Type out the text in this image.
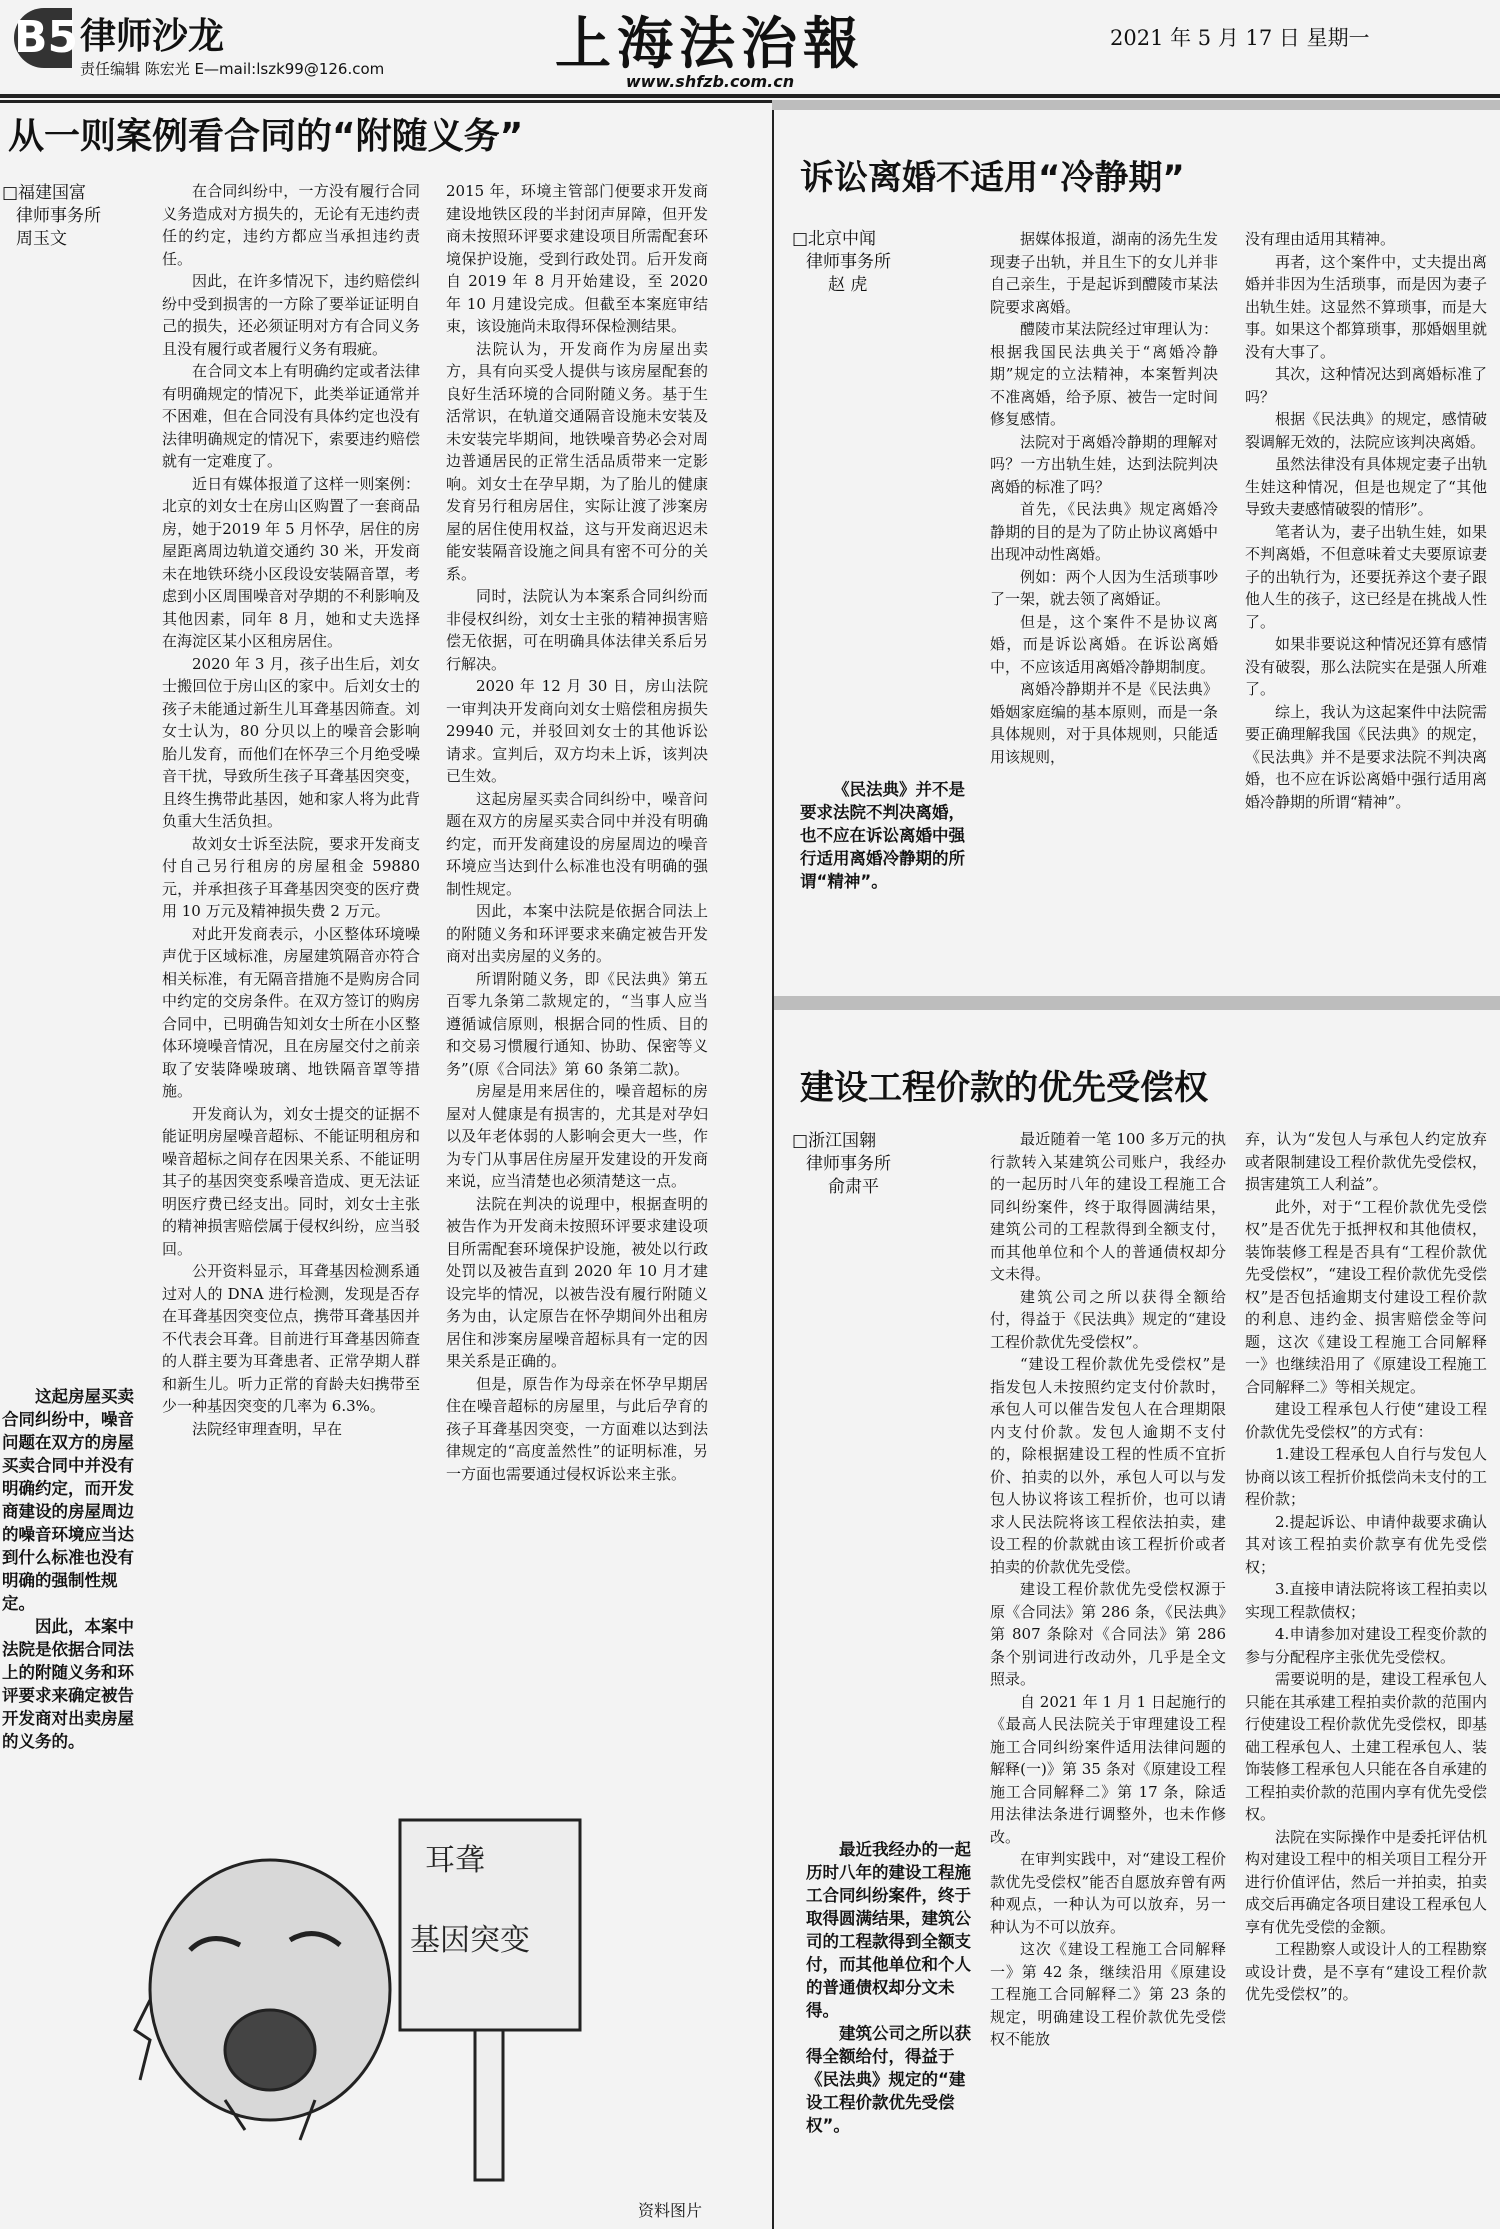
B5 律师沙龙
责任编辑 陈宏光 E—mail:lszk99@126.com	上海法治報
www.shfzb.com.cn
2021 年 5 月 17 日 星期一
从一则案例看合同的“附随义务”
□福建国富
律师事务所
周玉文

这起房屋买卖合同纠纷中，噪音问题在双方的房屋买卖合同中并没有明确约定，而开发商建设的房屋周边的噪音环境应当达到什么标准也没有明确的强制性规定。

因此，本案中法院是依据合同法上的附随义务和环评要求来确定被告开发商对出卖房屋的义务的。

在合同纠纷中，一方没有履行合同义务造成对方损失的，无论有无违约责任的约定，违约方都应当承担违约责任。

因此，在许多情况下，违约赔偿纠纷中受到损害的一方除了要举证证明自己的损失，还必须证明对方有合同义务且没有履行或者履行义务有瑕疵。

在合同文本上有明确约定或者法律有明确规定的情况下，此类举证通常并不困难，但在合同没有具体约定也没有法律明确规定的情况下，索要违约赔偿就有一定难度了。

近日有媒体报道了这样一则案例：北京的刘女士在房山区购置了一套商品房，她于2019 年 5 月怀孕，居住的房屋距离周边轨道交通约 30 米，开发商未在地铁环绕小区段设安装隔音罩，考虑到小区周围噪音对孕期的不利影响及其他因素，同年 8 月，她和丈夫选择在海淀区某小区租房居住。

2020 年 3 月，孩子出生后，刘女士搬回位于房山区的家中。后刘女士的孩子未能通过新生儿耳聋基因筛查。刘女士认为，80 分贝以上的噪音会影响胎儿发育，而他们在怀孕三个月绝受噪音干扰，导致所生孩子耳聋基因突变，且终生携带此基因，她和家人将为此背负重大生活负担。

故刘女士诉至法院，要求开发商支付自己另行租房的房屋租金 59880 元，并承担孩子耳聋基因突变的医疗费用 10 万元及精神损失费 2 万元。

对此开发商表示，小区整体环境噪声优于区域标准，房屋建筑隔音亦符合相关标准，有无隔音措施不是购房合同中约定的交房条件。在双方签订的购房合同中，已明确告知刘女士所在小区整体环境噪音情况，且在房屋交付之前亲取了安装降噪玻璃、地铁隔音罩等措施。

开发商认为，刘女士提交的证据不能证明房屋噪音超标、不能证明租房和噪音超标之间存在因果关系、不能证明其子的基因突变系噪音造成、更无法证明医疗费已经支出。同时，刘女士主张的精神损害赔偿属于侵权纠纷，应当驳回。

公开资料显示，耳聋基因检测系通过对人的 DNA 进行检测，发现是否存在耳聋基因突变位点，携带耳聋基因并不代表会耳聋。目前进行耳聋基因筛查的人群主要为耳聋患者、正常孕期人群和新生儿。听力正常的育龄夫妇携带至少一种基因突变的几率为 6.3%。

法院经审理查明，早在

2015 年，环境主管部门便要求开发商建设地铁区段的半封闭声屏障，但开发商未按照环评要求建设项目所需配套环境保护设施，受到行政处罚。后开发商自 2019 年 8 月开始建设，至 2020 年 10 月建设完成。但截至本案庭审结束，该设施尚未取得环保检测结果。

法院认为，开发商作为房屋出卖方，具有向买受人提供与该房屋配套的良好生活环境的合同附随义务。基于生活常识，在轨道交通隔音设施未安装及未安装完毕期间，地铁噪音势必会对周边普通居民的正常生活品质带来一定影响。刘女士在孕早期，为了胎儿的健康发育另行租房居住，实际让渡了涉案房屋的居住使用权益，这与开发商迟迟未能安装隔音设施之间具有密不可分的关系。

同时，法院认为本案系合同纠纷而非侵权纠纷，刘女士主张的精神损害赔偿无依据，可在明确具体法律关系后另行解决。

2020 年 12 月 30 日，房山法院一审判决开发商向刘女士赔偿租房损失 29940 元，并驳回刘女士的其他诉讼请求。宣判后，双方均未上诉，该判决已生效。

这起房屋买卖合同纠纷中，噪音问题在双方的房屋买卖合同中并没有明确约定，而开发商建设的房屋周边的噪音环境应当达到什么标准也没有明确的强制性规定。

因此，本案中法院是依据合同法上的附随义务和环评要求来确定被告开发商对出卖房屋的义务的。

所谓附随义务，即《民法典》第五百零九条第二款规定的，“当事人应当遵循诚信原则，根据合同的性质、目的和交易习惯履行通知、协助、保密等义务”(原《合同法》第 60 条第二款)。

房屋是用来居住的，噪音超标的房屋对人健康是有损害的，尤其是对孕妇以及年老体弱的人影响会更大一些，作为专门从事居住房屋开发建设的开发商来说，应当清楚也必须清楚这一点。

法院在判决的说理中，根据查明的被告作为开发商未按照环评要求建设项目所需配套环境保护设施，被处以行政处罚以及被告直到 2020 年 10 月才建设完毕的情况，以被告没有履行附随义务为由，认定原告在怀孕期间外出租房居住和涉案房屋噪音超标具有一定的因果关系是正确的。

但是，原告作为母亲在怀孕早期居住在噪音超标的房屋里，与此后孕育的孩子耳聋基因突变，一方面难以达到法律规定的“高度盖然性”的证明标准，另一方面也需要通过侵权诉讼来主张。

耳聋
基因突变
资料图片
诉讼离婚不适用“冷静期”
□北京中闻
律师事务所
赵 虎
《民法典》并不是要求法院不判决离婚，也不应在诉讼离婚中强行适用离婚冷静期的所谓“精神”。

据媒体报道，湖南的汤先生发现妻子出轨，并且生下的女儿并非自己亲生，于是起诉到醴陵市某法院要求离婚。

醴陵市某法院经过审理认为：根据我国民法典关于“离婚冷静期”规定的立法精神，本案暂判决不准离婚，给予原、被告一定时间修复感情。

法院对于离婚冷静期的理解对吗？一方出轨生娃，达到法院判决离婚的标准了吗？

首先，《民法典》规定离婚冷静期的目的是为了防止协议离婚中出现冲动性离婚。

例如：两个人因为生活琐事吵了一架，就去领了离婚证。

但是，这个案件不是协议离婚，而是诉讼离婚。在诉讼离婚中，不应该适用离婚冷静期制度。

离婚冷静期并不是《民法典》婚姻家庭编的基本原则，而是一条具体规则，对于具体规则，只能适用该规则，

没有理由适用其精神。

再者，这个案件中，丈夫提出离婚并非因为生活琐事，而是因为妻子出轨生娃。这显然不算琐事，而是大事。如果这个都算琐事，那婚姻里就没有大事了。

其次，这种情况达到离婚标准了吗？

根据《民法典》的规定，感情破裂调解无效的，法院应该判决离婚。

虽然法律没有具体规定妻子出轨生娃这种情况，但是也规定了“其他导致夫妻感情破裂的情形”。

笔者认为，妻子出轨生娃，如果不判离婚，不但意味着丈夫要原谅妻子的出轨行为，还要抚养这个妻子跟他人生的孩子，这已经是在挑战人性了。

如果非要说这种情况还算有感情没有破裂，那么法院实在是强人所难了。

综上，我认为这起案件中法院需要正确理解我国《民法典》的规定，《民法典》并不是要求法院不判决离婚，也不应在诉讼离婚中强行适用离婚冷静期的所谓“精神”。

建设工程价款的优先受偿权
□浙江国翱
律师事务所
俞肃平

最近我经办的一起历时八年的建设工程施工合同纠纷案件，终于取得圆满结果，建筑公司的工程款得到全额支付，而其他单位和个人的普通债权却分文未得。

建筑公司之所以获得全额给付，得益于《民法典》规定的“建设工程价款优先受偿权”。

最近随着一笔 100 多万元的执行款转入某建筑公司账户，我经办的一起历时八年的建设工程施工合同纠纷案件，终于取得圆满结果，建筑公司的工程款得到全额支付，而其他单位和个人的普通债权却分文未得。

建筑公司之所以获得全额给付，得益于《民法典》规定的“建设工程价款优先受偿权”。

“建设工程价款优先受偿权”是指发包人未按照约定支付价款时，承包人可以催告发包人在合理期限内支付价款。发包人逾期不支付的，除根据建设工程的性质不宜折价、拍卖的以外，承包人可以与发包人协议将该工程折价，也可以请求人民法院将该工程依法拍卖，建设工程的价款就由该工程折价或者拍卖的价款优先受偿。

建设工程价款优先受偿权源于原《合同法》第 286 条，《民法典》第 807 条除对《合同法》第 286 条个别词进行改动外，几乎是全文照录。

自 2021 年 1 月 1 日起施行的《最高人民法院关于审理建设工程施工合同纠纷案件适用法律问题的解释(一)》第 35 条对《原建设工程施工合同解释二》第 17 条，除适用法律法条进行调整外，也未作修改。

在审判实践中，对“建设工程价款优先受偿权”能否自愿放弃曾有两种观点，一种认为可以放弃，另一种认为不可以放弃。

这次《建设工程施工合同解释一》第 42 条，继续沿用《原建设工程施工合同解释二》第 23 条的规定，明确建设工程价款优先受偿权不能放

弃，认为“发包人与承包人约定放弃或者限制建设工程价款优先受偿权，损害建筑工人利益”。

此外，对于“工程价款优先受偿权”是否优先于抵押权和其他债权，装饰装修工程是否具有“工程价款优先受偿权”，“建设工程价款优先受偿权”是否包括逾期支付建设工程价款的利息、违约金、损害赔偿金等问题，这次《建设工程施工合同解释一》也继续沿用了《原建设工程施工合同解释二》等相关规定。

建设工程承包人行使“建设工程价款优先受偿权”的方式有：

1.建设工程承包人自行与发包人协商以该工程折价抵偿尚未支付的工程价款；

2.提起诉讼、申请仲裁要求确认其对该工程拍卖价款享有优先受偿权；

3.直接申请法院将该工程拍卖以实现工程款债权；

4.申请参加对建设工程变价款的参与分配程序主张优先受偿权。

需要说明的是，建设工程承包人只能在其承建工程拍卖价款的范围内行使建设工程价款优先受偿权，即基础工程承包人、土建工程承包人、装饰装修工程承包人只能在各自承建的工程拍卖价款的范围内享有优先受偿权。

法院在实际操作中是委托评估机构对建设工程中的相关项目工程分开进行价值评估，然后一并拍卖，拍卖成交后再确定各项目建设工程承包人享有优先受偿的金额。

工程勘察人或设计人的工程勘察或设计费，是不享有“建设工程价款优先受偿权”的。
